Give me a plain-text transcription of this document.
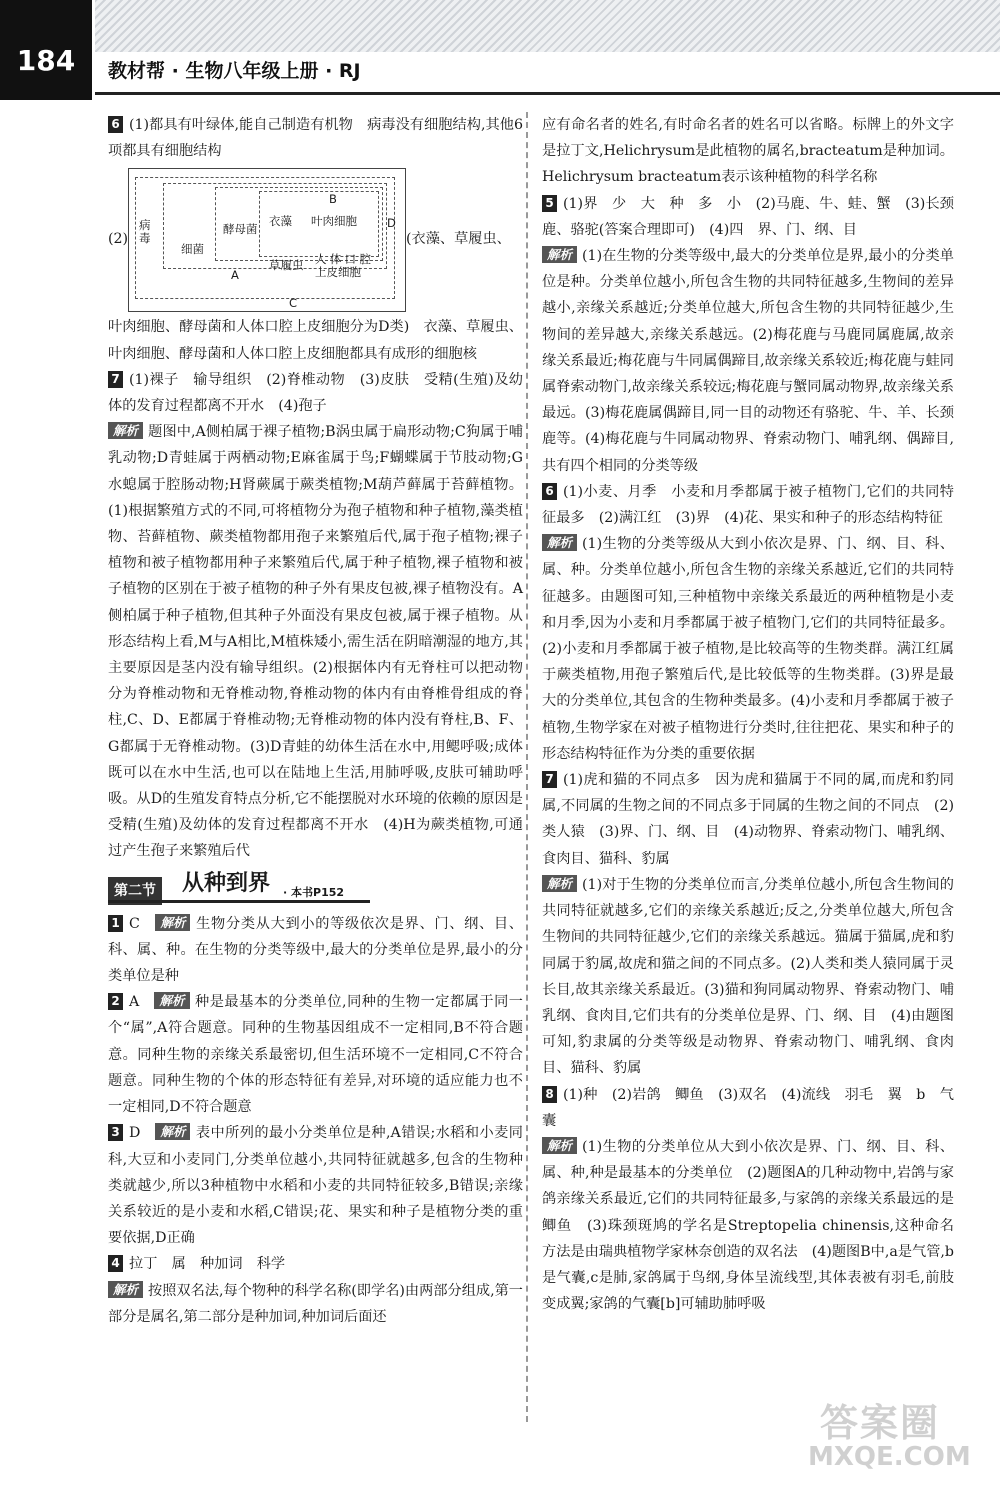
184	教材帮 · 生物八年级上册 · RJ

6 (1)都具有叶绿体,能自己制造有机物　病毒没有细胞结构,其他6项都具有细胞结构

(2)
病毒
细菌
酵母菌
衣藻 叶肉细胞
草履虫 人体口腔上皮细胞
A
B
C
D
(衣藻、草履虫、

叶肉细胞、酵母菌和人体口腔上皮细胞分为D类)　衣藻、草履虫、叶肉细胞、酵母菌和人体口腔上皮细胞都具有成形的细胞核

7 (1)裸子　输导组织　(2)脊椎动物　(3)皮肤　受精(生殖)及幼体的发育过程都离不开水　(4)孢子

解析 题图中,A侧柏属于裸子植物;B涡虫属于扁形动物;C狗属于哺乳动物;D青蛙属于两栖动物;E麻雀属于鸟;F蝴蝶属于节肢动物;G水螅属于腔肠动物;H肾蕨属于蕨类植物;M葫芦藓属于苔藓植物。(1)根据繁殖方式的不同,可将植物分为孢子植物和种子植物,藻类植物、苔藓植物、蕨类植物都用孢子来繁殖后代,属于孢子植物;裸子植物和被子植物都用种子来繁殖后代,属于种子植物,裸子植物和被子植物的区别在于被子植物的种子外有果皮包被,裸子植物没有。A侧柏属于种子植物,但其种子外面没有果皮包被,属于裸子植物。从形态结构上看,M与A相比,M植株矮小,需生活在阴暗潮湿的地方,其主要原因是茎内没有输导组织。(2)根据体内有无脊柱可以把动物分为脊椎动物和无脊椎动物,脊椎动物的体内有由脊椎骨组成的脊柱,C、D、E都属于脊椎动物;无脊椎动物的体内没有脊柱,B、F、G都属于无脊椎动物。(3)D青蛙的幼体生活在水中,用鳃呼吸;成体既可以在水中生活,也可以在陆地上生活,用肺呼吸,皮肤可辅助呼吸。从D的生殖发育特点分析,它不能摆脱对水环境的依赖的原因是受精(生殖)及幼体的发育过程都离不开水　(4)H为蕨类植物,可通过产生孢子来繁殖后代

第二节 从种到界 · 本书P152

1 C　 解析 生物分类从大到小的等级依次是界、门、纲、目、科、属、种。在生物的分类等级中,最大的分类单位是界,最小的分类单位是种

2 A　 解析 种是最基本的分类单位,同种的生物一定都属于同一个“属”,A符合题意。同种的生物基因组成不一定相同,B不符合题意。同种生物的亲缘关系最密切,但生活环境不一定相同,C不符合题意。同种生物的个体的形态特征有差异,对环境的适应能力也不一定相同,D不符合题意

3 D　 解析 表中所列的最小分类单位是种,A错误;水稻和小麦同科,大豆和小麦同门,分类单位越小,共同特征就越多,包含的生物种类就越少,所以3种植物中水稻和小麦的共同特征较多,B错误;亲缘关系较近的是小麦和水稻,C错误;花、果实和种子是植物分类的重要依据,D正确

4 拉丁　属　种加词　科学

解析 按照双名法,每个物种的科学名称(即学名)由两部分组成,第一部分是属名,第二部分是种加词,种加词后面还

应有命名者的姓名,有时命名者的姓名可以省略。标牌上的外文字是拉丁文,Helichrysum是此植物的属名,bracteatum是种加词。Helichrysum bracteatum表示该种植物的科学名称

5 (1)界　少　大　种　多　小　(2)马鹿、牛、蛙、蟹　(3)长颈鹿、骆驼(答案合理即可)　(4)四　界、门、纲、目

解析 (1)在生物的分类等级中,最大的分类单位是界,最小的分类单位是种。分类单位越小,所包含生物的共同特征越多,生物间的差异越小,亲缘关系越近;分类单位越大,所包含生物的共同特征越少,生物间的差异越大,亲缘关系越远。(2)梅花鹿与马鹿同属鹿属,故亲缘关系最近;梅花鹿与牛同属偶蹄目,故亲缘关系较近;梅花鹿与蛙同属脊索动物门,故亲缘关系较远;梅花鹿与蟹同属动物界,故亲缘关系最远。(3)梅花鹿属偶蹄目,同一目的动物还有骆驼、牛、羊、长颈鹿等。(4)梅花鹿与牛同属动物界、脊索动物门、哺乳纲、偶蹄目,共有四个相同的分类等级

6 (1)小麦、月季　小麦和月季都属于被子植物门,它们的共同特征最多　(2)满江红　(3)界　(4)花、果实和种子的形态结构特征

解析 (1)生物的分类等级从大到小依次是界、门、纲、目、科、属、种。分类单位越小,所包含生物的亲缘关系越近,它们的共同特征越多。由题图可知,三种植物中亲缘关系最近的两种植物是小麦和月季,因为小麦和月季都属于被子植物门,它们的共同特征最多。(2)小麦和月季都属于被子植物,是比较高等的生物类群。满江红属于蕨类植物,用孢子繁殖后代,是比较低等的生物类群。(3)界是最大的分类单位,其包含的生物种类最多。(4)小麦和月季都属于被子植物,生物学家在对被子植物进行分类时,往往把花、果实和种子的形态结构特征作为分类的重要依据

7 (1)虎和猫的不同点多　因为虎和猫属于不同的属,而虎和豹同属,不同属的生物之间的不同点多于同属的生物之间的不同点　(2)类人猿　(3)界、门、纲、目　(4)动物界、脊索动物门、哺乳纲、食肉目、猫科、豹属

解析 (1)对于生物的分类单位而言,分类单位越小,所包含生物间的共同特征就越多,它们的亲缘关系越近;反之,分类单位越大,所包含生物间的共同特征越少,它们的亲缘关系越远。猫属于猫属,虎和豹同属于豹属,故虎和猫之间的不同点多。(2)人类和类人猿同属于灵长目,故其亲缘关系最近。(3)猫和狗同属动物界、脊索动物门、哺乳纲、食肉目,它们共有的分类单位是界、门、纲、目　(4)由题图可知,豹隶属的分类等级是动物界、脊索动物门、哺乳纲、食肉目、猫科、豹属

8 (1)种　(2)岩鸽　鲫鱼　(3)双名　(4)流线　羽毛　翼　b　气囊

解析 (1)生物的分类单位从大到小依次是界、门、纲、目、科、属、种,种是最基本的分类单位　(2)题图A的几种动物中,岩鸽与家鸽亲缘关系最近,它们的共同特征最多,与家鸽的亲缘关系最远的是鲫鱼　(3)珠颈斑鸠的学名是Streptopelia chinensis,这种命名方法是由瑞典植物学家林奈创造的双名法　(4)题图B中,a是气管,b是气囊,c是肺,家鸽属于鸟纲,身体呈流线型,其体表被有羽毛,前肢变成翼;家鸽的气囊[b]可辅助肺呼吸

答案圈
MXQE.COM
